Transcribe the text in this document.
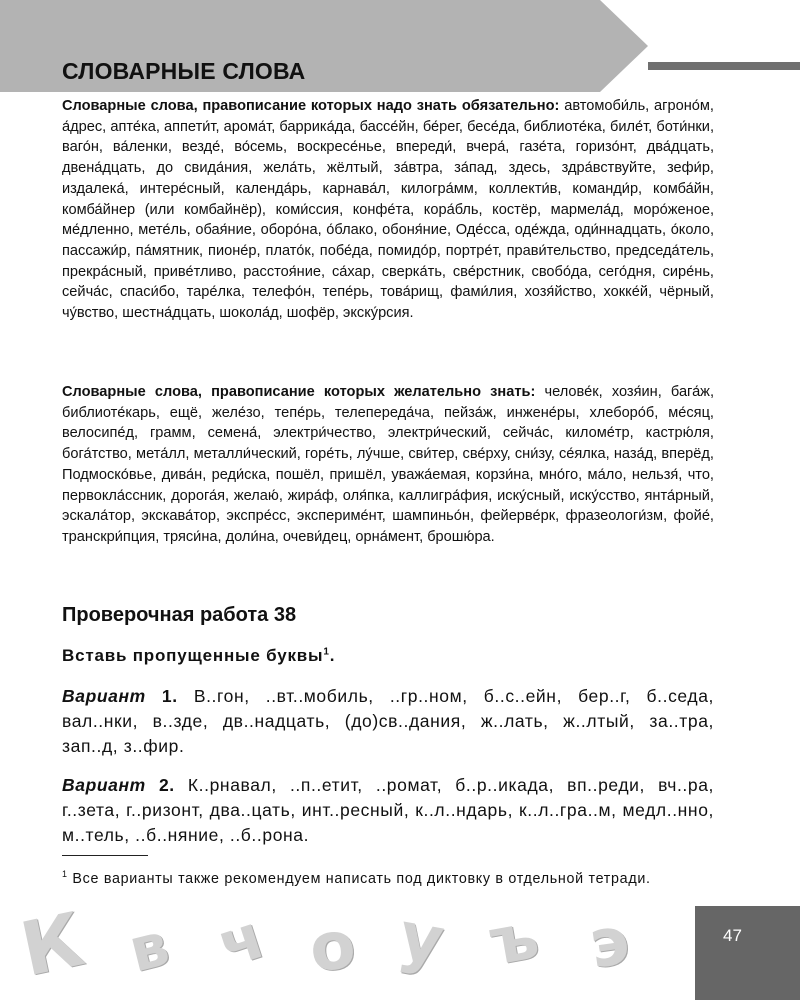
СЛОВАРНЫЕ СЛОВА

Словарные слова, правописание которых надо знать обязательно: автомоби́ль, агроно́м, а́дрес, апте́ка, аппети́т, арома́т, баррика́да, бассе́йн, бе́рег, бесе́да, библиоте́ка, биле́т, боти́нки, ваго́н, ва́ленки, везде́, во́семь, воскресе́нье, впереди́, вчера́, газе́та, горизо́нт, два́дцать, двена́дцать, до свида́ния, жела́ть, жёлтый, за́втра, за́пад, здесь, здра́вствуйте, зефи́р, издалека́, интере́сный, календа́рь, карнава́л, килогра́мм, коллекти́в, команди́р, комба́йн, комба́йнер (или комбайнёр), коми́ссия, конфе́та, кора́бль, костёр, мармела́д, моро́женое, ме́дленно, мете́ль, обая́ние, оборо́на, о́блако, обоня́ние, Оде́сса, оде́жда, оди́ннадцать, о́коло, пассажи́р, па́мятник, пионе́р, плато́к, побе́да, помидо́р, портре́т, прави́тельство, председа́тель, прекра́сный, приве́тливо, расстоя́ние, са́хар, сверка́ть, све́рстник, свобо́да, сего́дня, сире́нь, сейча́с, спаси́бо, таре́лка, телефо́н, тепе́рь, това́рищ, фами́лия, хозя́йство, хокке́й, чёрный, чу́вство, шестна́дцать, шокола́д, шофёр, экску́рсия.

Словарные слова, правописание которых желательно знать: челове́к, хозя́ин, бага́ж, библиоте́карь, ещё, желе́зо, тепе́рь, телепереда́ча, пейза́ж, инжене́ры, хлеборо́б, ме́сяц, велосипе́д, грамм, семена́, электри́чество, электри́ческий, сейча́с, киломе́тр, кастрю́ля, бога́тство, мета́лл, металли́ческий, горе́ть, лу́чше, сви́тер, све́рху, сни́зу, се́ялка, наза́д, вперёд, Подмоско́вье, дива́н, реди́ска, пошёл, пришёл, уважа́емая, корзи́на, мно́го, ма́ло, нельзя́, что, первокла́ссник, дорога́я, желаю́, жира́ф, оля́пка, каллигра́фия, иску́сный, иску́сство, янта́рный, эскала́тор, экскава́тор, экспре́сс, экспериме́нт, шампиньо́н, фейерве́рк, фразеологи́зм, фойе́, транскри́пция, тряси́на, доли́на, очеви́дец, орна́мент, брошю́ра.

Проверочная работа 38

Вставь пропущенные буквы$^1$.

Вариант 1. В..гон, ..вт..мобиль, ..гр..ном, б..с..ейн, бер..г, б..седа, вал..нки, в..зде, дв..надцать, (до)св..дания, ж..лать, ж..лтый, за..тра, зап..д, з..фир.

Вариант 2. К..рнавал, ..п..етит, ..ромат, б..р..икада, вп..реди, вч..ра, г..зета, г..ризонт, два..цать, инт..ресный, к..л..ндарь, к..л..гра..м, медл..нно, м..тель, ..б..няние, ..б..рона.

$^1$ Все варианты также рекомендуем написать под диктовку в отдельной тетради.

К в ч о у ъ э	47
